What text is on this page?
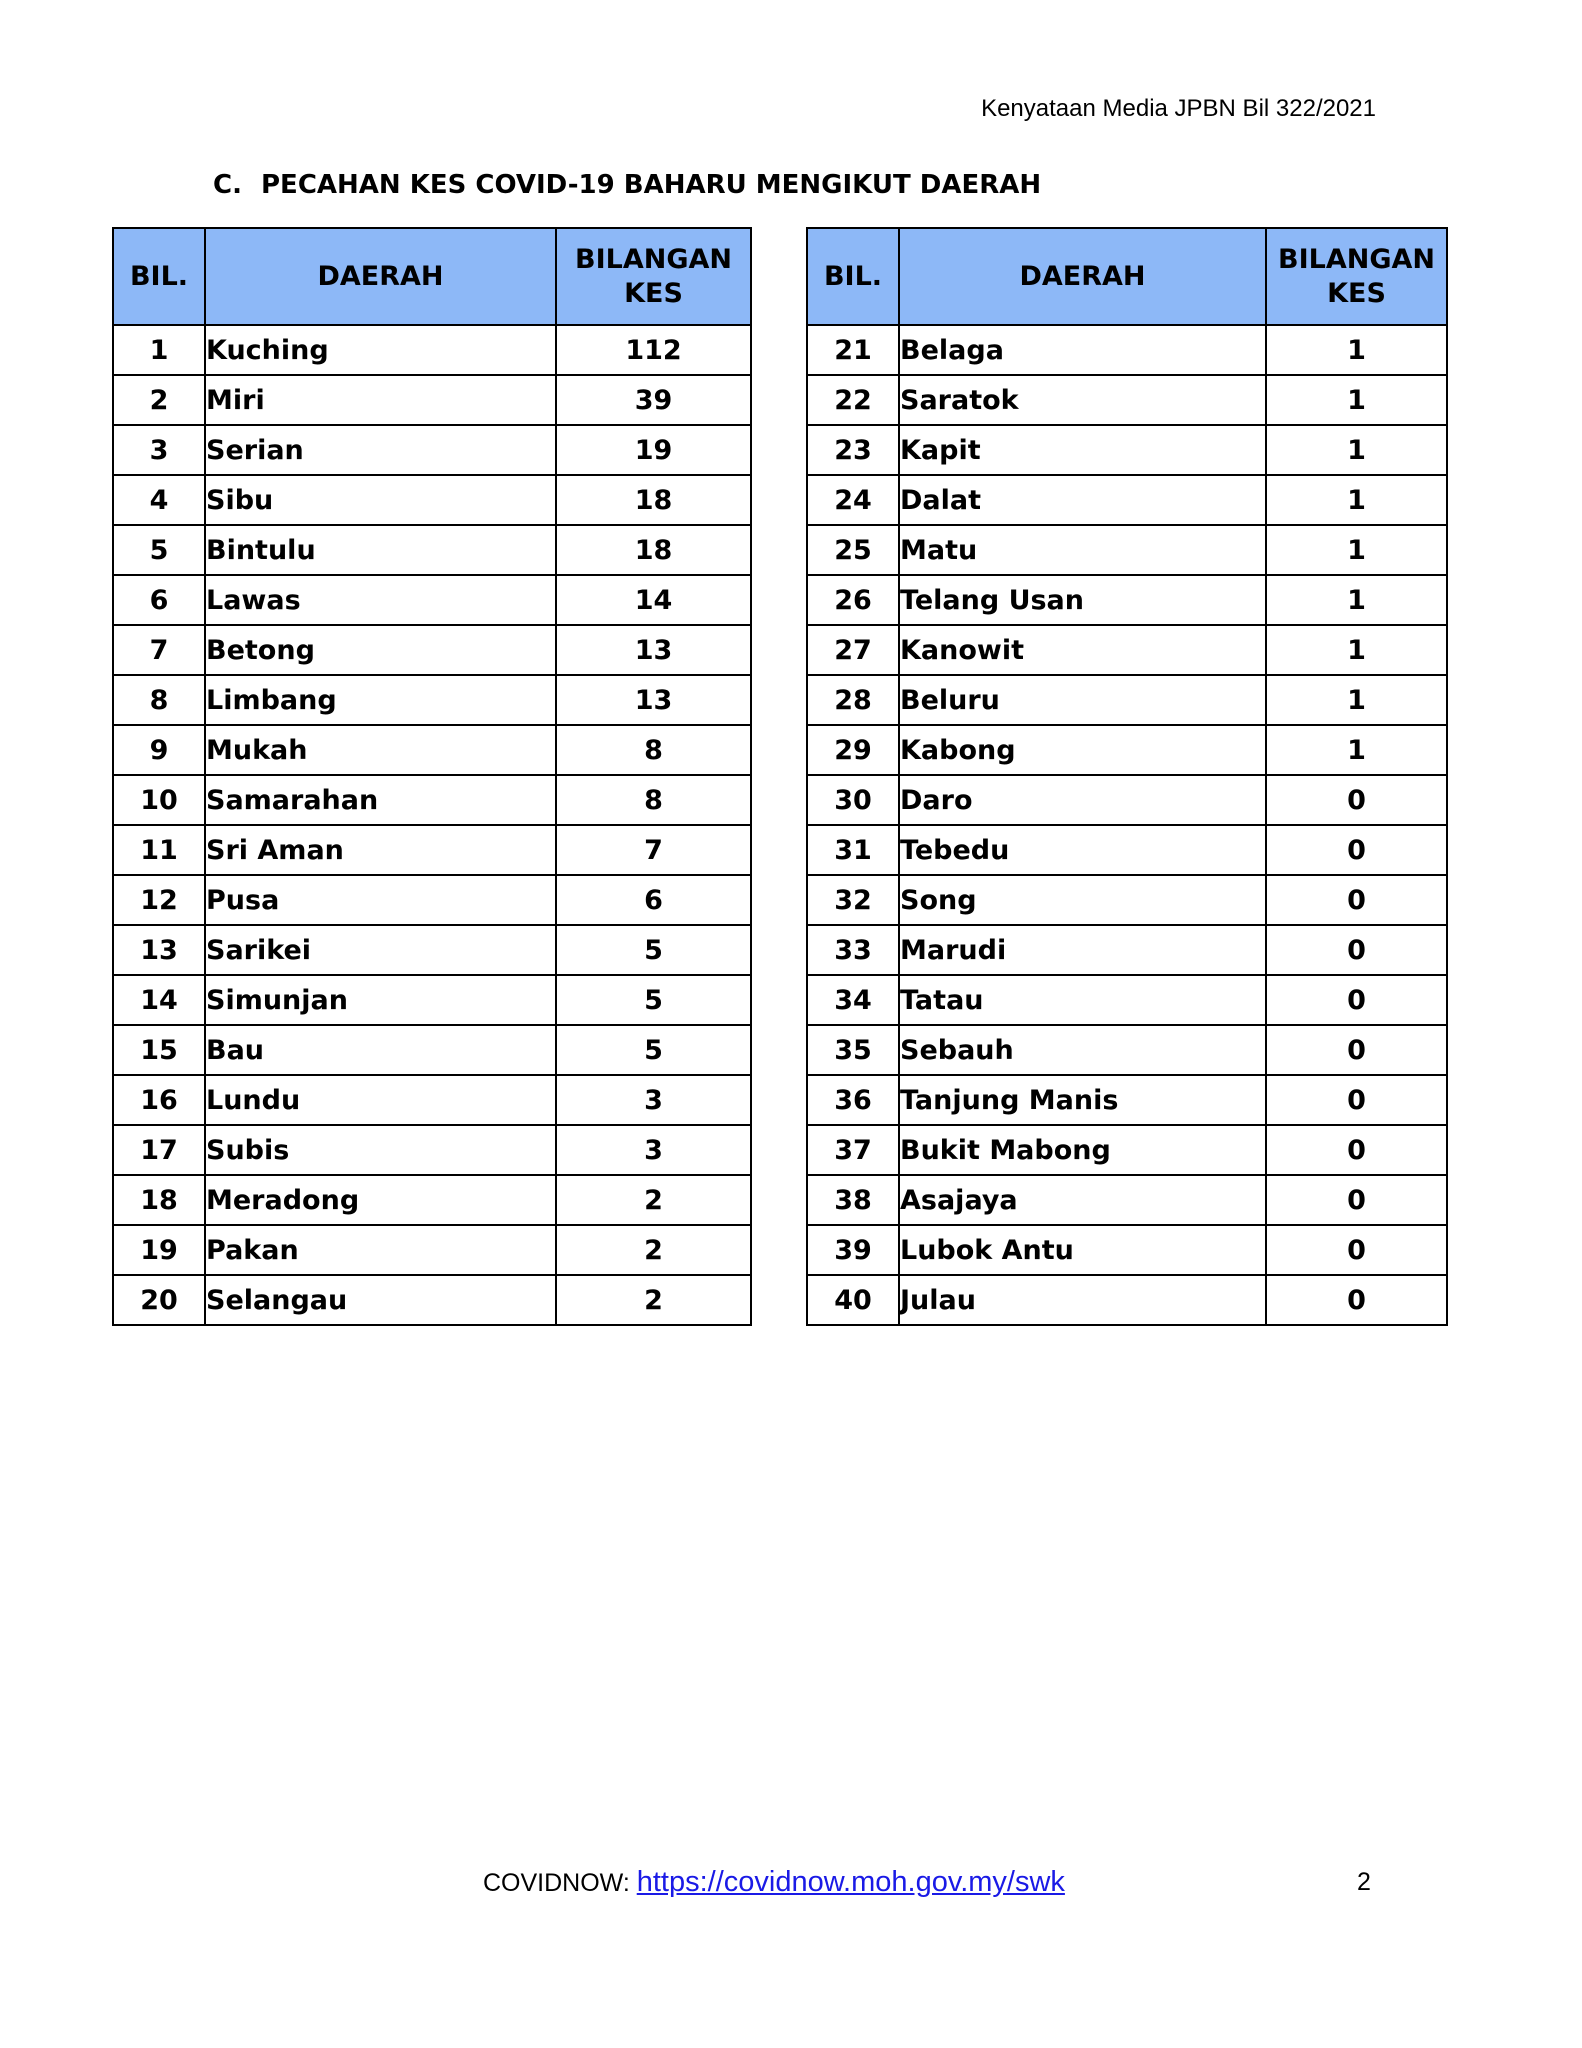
Kenyataan Media JPBN Bil 322/2021
C. PECAHAN KES COVID-19 BAHARU MENGIKUT DAERAH
BIL.	DAERAH	BILANGAN
KES
1	Kuching	112
2	Miri	39
3	Serian	19
4	Sibu	18
5	Bintulu	18
6	Lawas	14
7	Betong	13
8	Limbang	13
9	Mukah	8
10	Samarahan	8
11	Sri Aman	7
12	Pusa	6
13	Sarikei	5
14	Simunjan	5
15	Bau	5
16	Lundu	3
17	Subis	3
18	Meradong	2
19	Pakan	2
20	Selangau	2
BIL.	DAERAH	BILANGAN
KES
21	Belaga	1
22	Saratok	1
23	Kapit	1
24	Dalat	1
25	Matu	1
26	Telang Usan	1
27	Kanowit	1
28	Beluru	1
29	Kabong	1
30	Daro	0
31	Tebedu	0
32	Song	0
33	Marudi	0
34	Tatau	0
35	Sebauh	0
36	Tanjung Manis	0
37	Bukit Mabong	0
38	Asajaya	0
39	Lubok Antu	0
40	Julau	0
COVIDNOW: https://covidnow.moh.gov.my/swk	2
